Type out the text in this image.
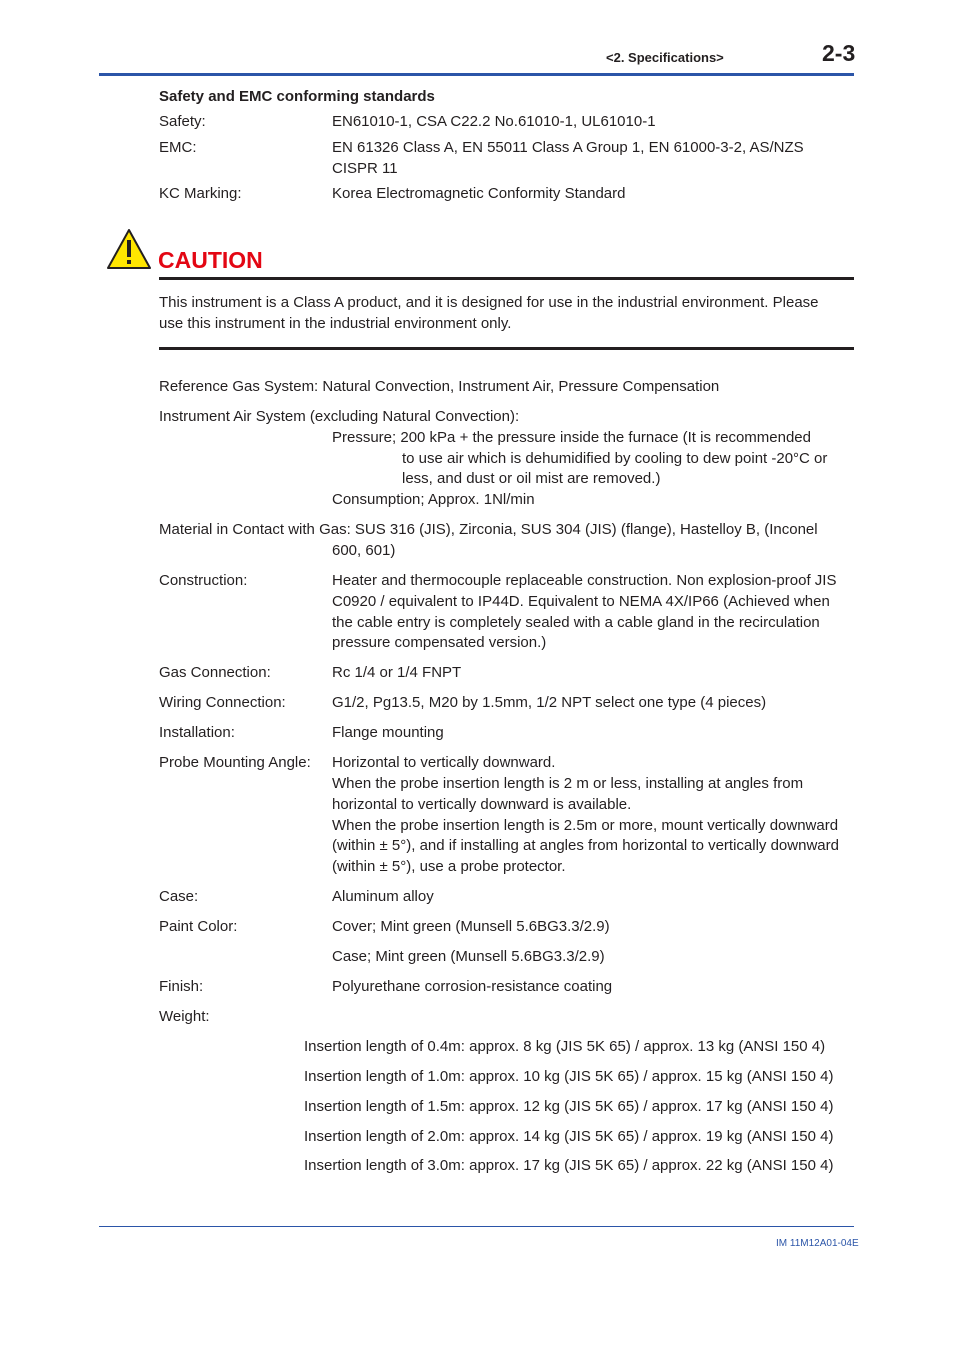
<2. Specifications>	2-3
Safety and EMC conforming standards
Safety:	EN61010-1, CSA C22.2 No.61010-1, UL61010-1
EMC:	EN 61326 Class A, EN 55011 Class A Group 1, EN 61000-3-2, AS/NZS
CISPR 11
KC Marking:	Korea Electromagnetic Conformity Standard
CAUTION
This instrument is a Class A product, and it is designed for use in the industrial environment. Please
use this instrument in the industrial environment only.
Reference Gas System: Natural Convection, Instrument Air, Pressure Compensation
Instrument Air System (excluding Natural Convection):
Pressure; 200 kPa + the pressure inside the furnace (It is recommended
to use air which is dehumidified by cooling to dew point -20°C or
less, and dust or oil mist are removed.)
Consumption; Approx. 1Nl/min
Material in Contact with Gas: SUS 316 (JIS), Zirconia, SUS 304 (JIS) (flange), Hastelloy B, (Inconel
600, 601)
Construction:	Heater and thermocouple replaceable construction. Non explosion-proof JIS
C0920 / equivalent to IP44D. Equivalent to NEMA 4X/IP66 (Achieved when
the cable entry is completely sealed with a cable gland in the recirculation
pressure compensated version.)
Gas Connection:	Rc 1/4 or 1/4 FNPT
Wiring Connection:	G1/2, Pg13.5, M20 by 1.5mm, 1/2 NPT select one type (4 pieces)
Installation:	Flange mounting
Probe Mounting Angle: Horizontal to vertically downward.
When the probe insertion length is 2 m or less, installing at angles from
horizontal to vertically downward is available.
When the probe insertion length is 2.5m or more, mount vertically downward
(within ± 5°), and if installing at angles from horizontal to vertically downward
(within ± 5°), use a probe protector.
Case:	Aluminum alloy
Paint Color:	Cover; Mint green (Munsell 5.6BG3.3/2.9)
Case; Mint green (Munsell 5.6BG3.3/2.9)
Finish:	Polyurethane corrosion-resistance coating
Weight:
Insertion length of 0.4m: approx. 8 kg (JIS 5K 65) / approx. 13 kg (ANSI 150 4)
Insertion length of 1.0m: approx. 10 kg (JIS 5K 65) / approx. 15 kg (ANSI 150 4)
Insertion length of 1.5m: approx. 12 kg (JIS 5K 65) / approx. 17 kg (ANSI 150 4)
Insertion length of 2.0m: approx. 14 kg (JIS 5K 65) / approx. 19 kg (ANSI 150 4)
Insertion length of 3.0m: approx. 17 kg (JIS 5K 65) / approx. 22 kg (ANSI 150 4)
IM 11M12A01-04E
